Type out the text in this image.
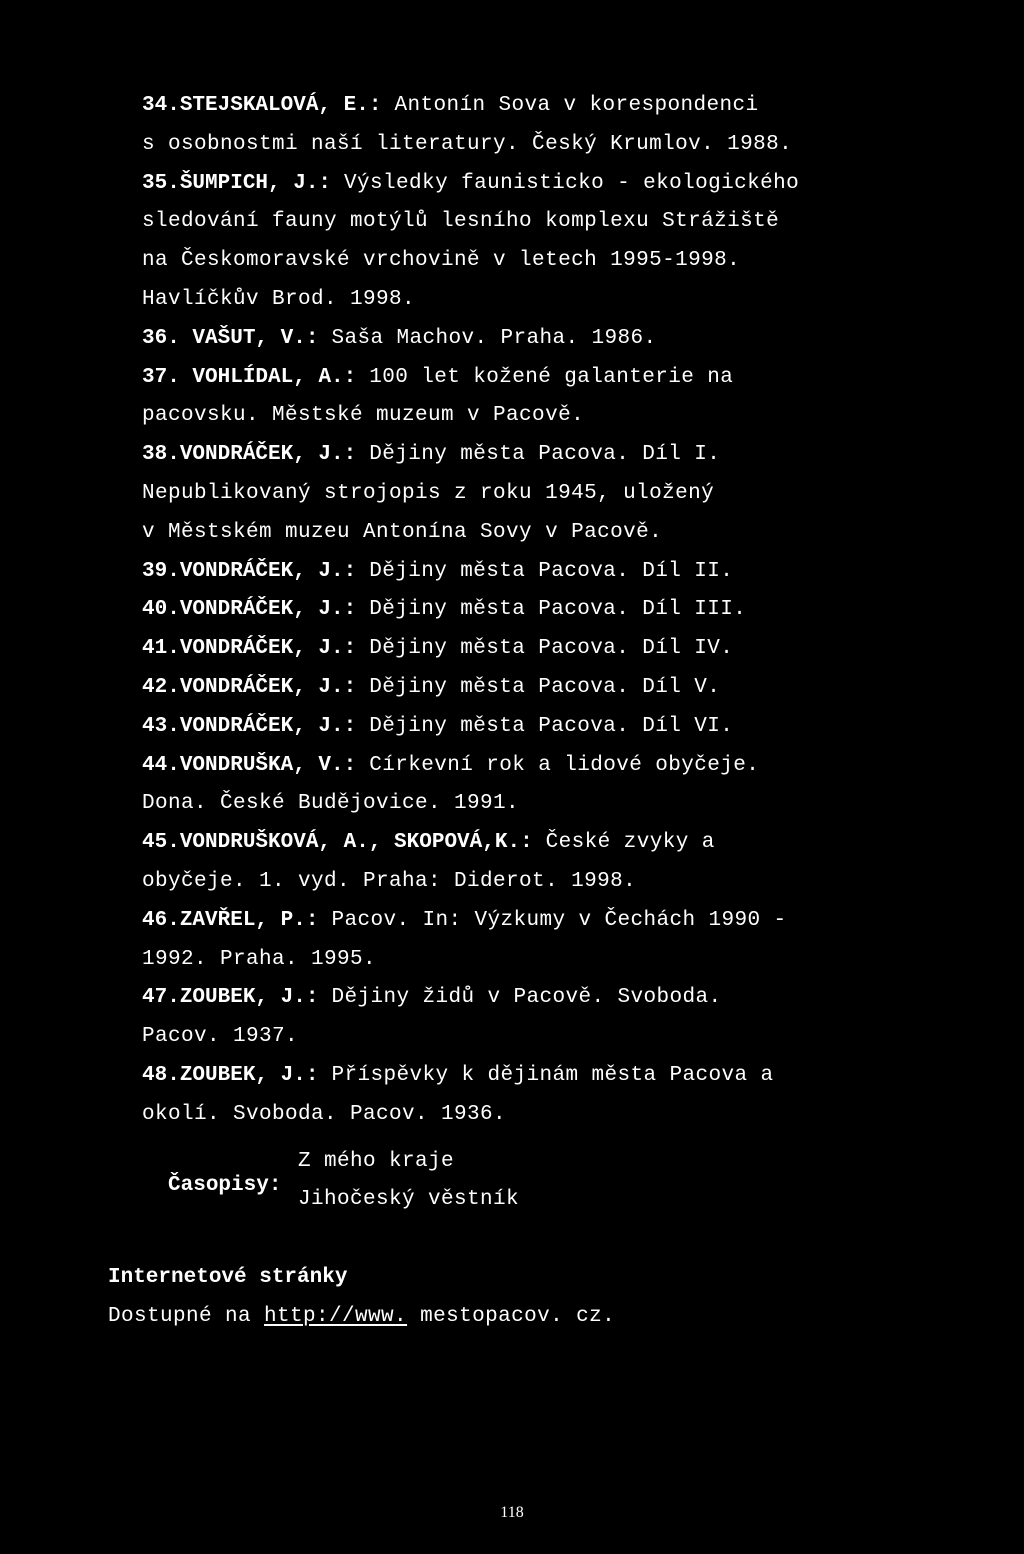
34.STEJSKALOVÁ, E.: Antonín Sova v korespondenci
s osobnostmi naší literatury. Český Krumlov. 1988.
35.ŠUMPICH, J.: Výsledky faunisticko - ekologického
sledování fauny motýlů lesního komplexu Strážiště
na Českomoravské vrchovině v letech 1995-1998.
Havlíčkův Brod. 1998.
36. VAŠUT, V.: Saša Machov. Praha. 1986.
37. VOHLÍDAL, A.: 100 let kožené galanterie na
pacovsku. Městské muzeum v Pacově.
38.VONDRÁČEK, J.: Dějiny města Pacova. Díl I.
Nepublikovaný strojopis z roku 1945, uložený
v Městském muzeu Antonína Sovy v Pacově.
39.VONDRÁČEK, J.: Dějiny města Pacova. Díl II.
40.VONDRÁČEK, J.: Dějiny města Pacova. Díl III.
41.VONDRÁČEK, J.: Dějiny města Pacova. Díl IV.
42.VONDRÁČEK, J.: Dějiny města Pacova. Díl V.
43.VONDRÁČEK, J.: Dějiny města Pacova. Díl VI.
44.VONDRUŠKA, V.: Církevní rok a lidové obyčeje.
Dona. České Budějovice. 1991.
45.VONDRUŠKOVÁ, A., SKOPOVÁ,K.: České zvyky a
obyčeje. 1. vyd. Praha: Diderot. 1998.
46.ZAVŘEL, P.: Pacov. In: Výzkumy v Čechách 1990 -
1992. Praha. 1995.
47.ZOUBEK, J.: Dějiny židů v Pacově. Svoboda.
Pacov. 1937.
48.ZOUBEK, J.: Příspěvky k dějinám města Pacova a
okolí. Svoboda. Pacov. 1936.

Časopisy:

Z mého kraje
Jihočeský věstník
Internetové stránky
Dostupné na http://www. mestopacov. cz.
118
